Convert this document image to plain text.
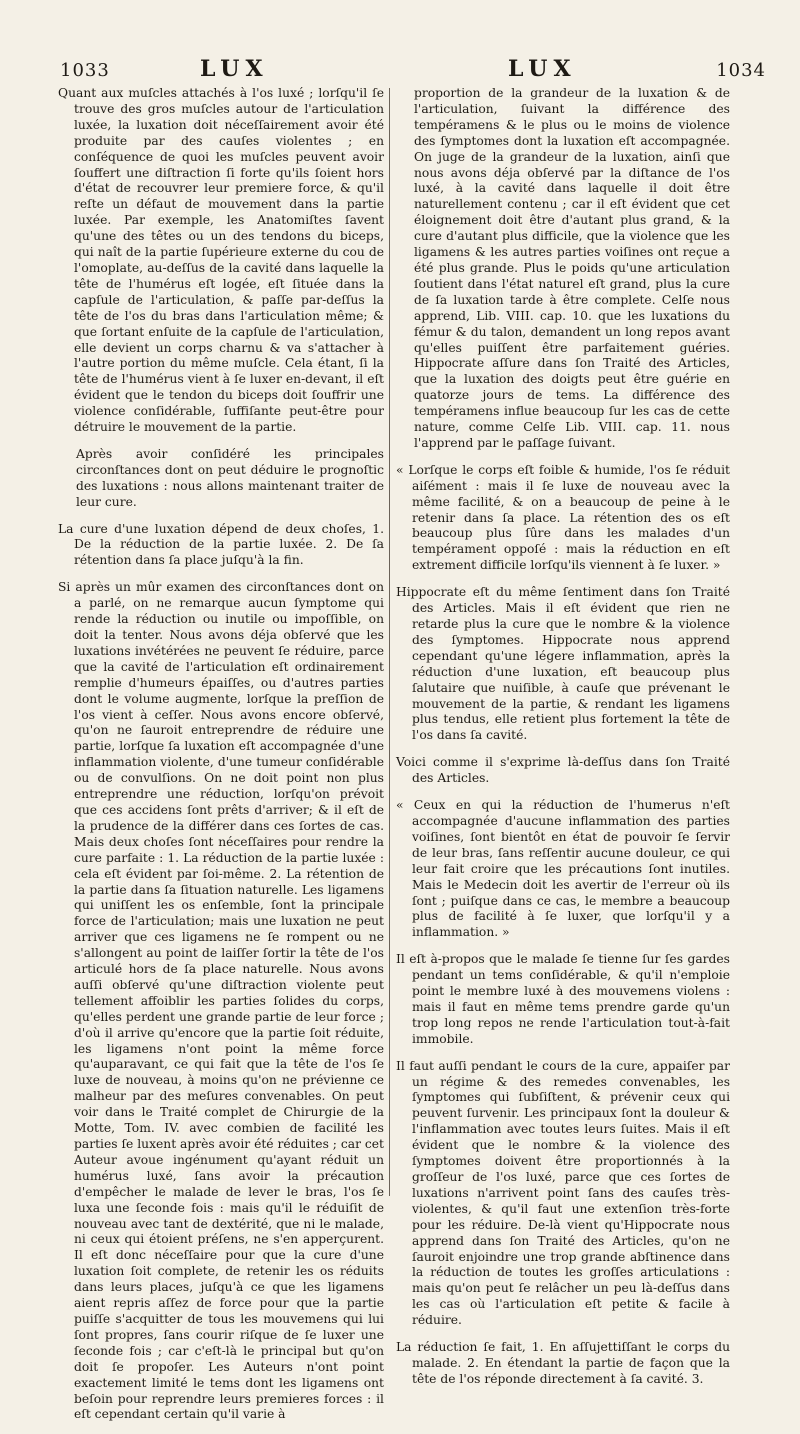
1033	LUX	LUX	1034

Quant aux muſcles attachés à l'os luxé ; lorſqu'il ſe trouve des gros muſcles autour de l'articulation luxée, la luxation doit néceſſairement avoir été produite par des cauſes violentes ; en conſéquence de quoi les muſcles peuvent avoir ſouffert une diſtraction ſi forte qu'ils ſoient hors d'état de recouvrer leur premiere force, & qu'il reſte un défaut de mouvement dans la partie luxée. Par exemple, les Anatomiſtes ſavent qu'une des têtes ou un des tendons du biceps, qui naît de la partie ſupérieure externe du cou de l'omoplate, au-deſſus de la cavité dans laquelle la tête de l'humérus eſt logée, eſt ſituée dans la capſule de l'articulation, & paſſe par-deſſus la tête de l'os du bras dans l'articulation même; & que ſortant enſuite de la capſule de l'articulation, elle devient un corps charnu & va s'attacher à l'autre portion du même muſcle. Cela étant, ſi la tête de l'humérus vient à ſe luxer en-devant, il eſt évident que le tendon du biceps doit ſouffrir une violence conſidérable, ſuffiſante peut-être pour détruire le mouvement de la partie.

Après avoir conſidéré les principales circonſtances dont on peut déduire le prognoſtic des luxations : nous allons maintenant traiter de leur cure.

La cure d'une luxation dépend de deux choſes, 1. De la réduction de la partie luxée. 2. De ſa rétention dans ſa place juſqu'à la fin.

Si après un mûr examen des circonſtances dont on a parlé, on ne remarque aucun ſymptome qui rende la réduction ou inutile ou impoſſible, on doit la tenter. Nous avons déja obſervé que les luxations invétérées ne peuvent ſe réduire, parce que la cavité de l'articulation eſt ordinairement remplie d'humeurs épaiſſes, ou d'autres parties dont le volume augmente, lorſque la preſſion de l'os vient à ceſſer. Nous avons encore obſervé, qu'on ne ſauroit entreprendre de réduire une partie, lorſque ſa luxation eſt accompagnée d'une inflammation violente, d'une tumeur conſidérable ou de convulſions. On ne doit point non plus entreprendre une réduction, lorſqu'on prévoit que ces accidens ſont prêts d'arriver; & il eſt de la prudence de la différer dans ces ſortes de cas. Mais deux choſes ſont néceſſaires pour rendre la cure parfaite : 1. La réduction de la partie luxée : cela eſt évident par ſoi-même. 2. La rétention de la partie dans ſa ſituation naturelle. Les ligamens qui uniſſent les os enſemble, ſont la principale force de l'articulation; mais une luxation ne peut arriver que ces ligamens ne ſe rompent ou ne s'allongent au point de laiſſer ſortir la tête de l'os articulé hors de ſa place naturelle. Nous avons auſſi obſervé qu'une diſtraction violente peut tellement affoiblir les parties ſolides du corps, qu'elles perdent une grande partie de leur force ; d'où il arrive qu'encore que la partie ſoit réduite, les ligamens n'ont point la même force qu'auparavant, ce qui fait que la tête de l'os ſe luxe de nouveau, à moins qu'on ne prévienne ce malheur par des meſures convenables. On peut voir dans le Traité complet de Chirurgie de la Motte, Tom. IV. avec combien de facilité les parties ſe luxent après avoir été réduites ; car cet Auteur avoue ingénument qu'ayant réduit un humérus luxé, ſans avoir la précaution d'empêcher le malade de lever le bras, l'os ſe luxa une ſeconde fois : mais qu'il le réduiſit de nouveau avec tant de dextérité, que ni le malade, ni ceux qui étoient préſens, ne s'en apperçurent. Il eſt donc néceſſaire pour que la cure d'une luxation ſoit complete, de retenir les os réduits dans leurs places, juſqu'à ce que les ligamens aient repris aſſez de force pour que la partie puiſſe s'acquitter de tous les mouvemens qui lui ſont propres, ſans courir riſque de ſe luxer une ſeconde fois ; car c'eſt-là le principal but qu'on doit ſe propoſer. Les Auteurs n'ont point exactement limité le tems dont les ligamens ont beſoin pour reprendre leurs premieres forces : il eſt cependant certain qu'il varie à

proportion de la grandeur de la luxation & de l'articulation, ſuivant la différence des tempéramens & le plus ou le moins de violence des ſymptomes dont la luxation eſt accompagnée. On juge de la grandeur de la luxation, ainſi que nous avons déja obſervé par la diſtance de l'os luxé, à la cavité dans laquelle il doit être naturellement contenu ; car il eſt évident que cet éloignement doit être d'autant plus grand, & la cure d'autant plus difficile, que la violence que les ligamens & les autres parties voiſines ont reçue a été plus grande. Plus le poids qu'une articulation ſoutient dans l'état naturel eſt grand, plus la cure de ſa luxation tarde à être complete. Celſe nous apprend, Lib. VIII. cap. 10. que les luxations du fémur & du talon, demandent un long repos avant qu'elles puiſſent être parfaitement guéries. Hippocrate aſſure dans ſon Traité des Articles, que la luxation des doigts peut être guérie en quatorze jours de tems. La différence des tempéramens influe beaucoup ſur les cas de cette nature, comme Celſe Lib. VIII. cap. 11. nous l'apprend par le paſſage ſuivant.

« Lorſque le corps eſt foible & humide, l'os ſe réduit aiſément : mais il ſe luxe de nouveau avec la même facilité, & on a beaucoup de peine à le retenir dans ſa place. La rétention des os eſt beaucoup plus ſûre dans les malades d'un tempérament oppoſé : mais la réduction en eſt extrement difficile lorſqu'ils viennent à ſe luxer. »

Hippocrate eſt du même ſentiment dans ſon Traité des Articles. Mais il eſt évident que rien ne retarde plus la cure que le nombre & la violence des ſymptomes. Hippocrate nous apprend cependant qu'une légere inflammation, après la réduction d'une luxation, eſt beaucoup plus ſalutaire que nuiſible, à cauſe que prévenant le mouvement de la partie, & rendant les ligamens plus tendus, elle retient plus fortement la tête de l'os dans ſa cavité.

Voici comme il s'exprime là-deſſus dans ſon Traité des Articles.

« Ceux en qui la réduction de l'humerus n'eſt accompagnée d'aucune inflammation des parties voiſines, ſont bientôt en état de pouvoir ſe ſervir de leur bras, ſans reſſentir aucune douleur, ce qui leur fait croire que les précautions ſont inutiles. Mais le Medecin doit les avertir de l'erreur où ils ſont ; puiſque dans ce cas, le membre a beaucoup plus de facilité à ſe luxer, que lorſqu'il y a inflammation. »

Il eſt à-propos que le malade ſe tienne ſur ſes gardes pendant un tems conſidérable, & qu'il n'emploie point le membre luxé à des mouvemens violens : mais il faut en même tems prendre garde qu'un trop long repos ne rende l'articulation tout-à-fait immobile.

Il faut auſſi pendant le cours de la cure, appaiſer par un régime & des remedes convenables, les ſymptomes qui ſubſiſtent, & prévenir ceux qui peuvent ſurvenir. Les principaux ſont la douleur & l'inflammation avec toutes leurs ſuites. Mais il eſt évident que le nombre & la violence des ſymptomes doivent être proportionnés à la groſſeur de l'os luxé, parce que ces ſortes de luxations n'arrivent point ſans des cauſes très-violentes, & qu'il faut une extenſion très-forte pour les réduire. De-là vient qu'Hippocrate nous apprend dans ſon Traité des Articles, qu'on ne ſauroit enjoindre une trop grande abſtinence dans la réduction de toutes les groſſes articulations : mais qu'on peut ſe relâcher un peu là-deſſus dans les cas où l'articulation eſt petite & facile à réduire.

La réduction ſe fait, 1. En aſſujettiſſant le corps du malade. 2. En étendant la partie de façon que la tête de l'os réponde directement à ſa cavité. 3.
